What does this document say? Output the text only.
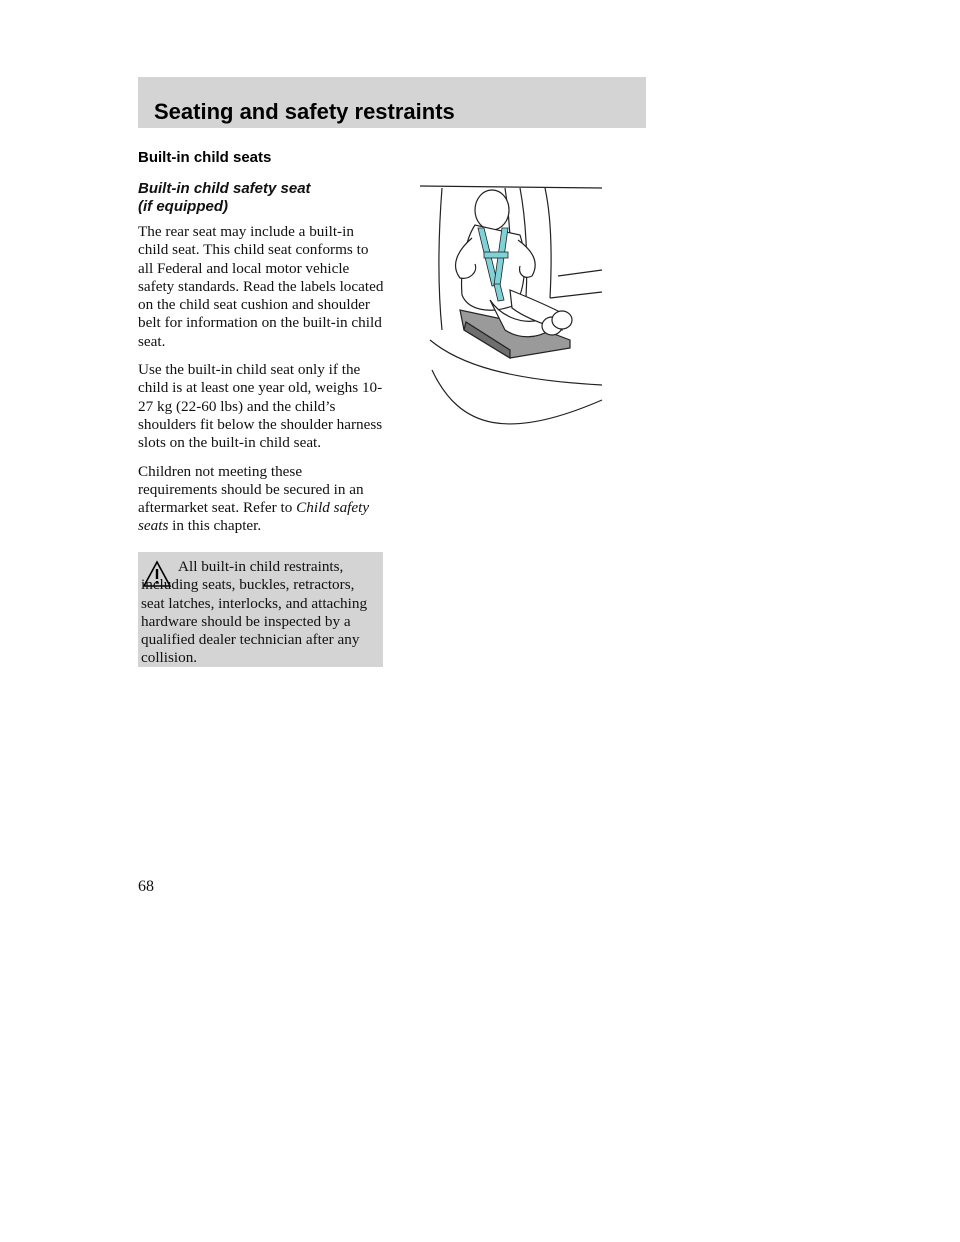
Seating and safety restraints
Built-in child seats
Built-in child safety seat
(if equipped)

The rear seat may include a built-in child seat. This child seat conforms to all Federal and local motor vehicle safety standards. Read the labels located on the child seat cushion and shoulder belt for information on the built-in child seat.

Use the built-in child seat only if the child is at least one year old, weighs 10-27 kg (22-60 lbs) and the child’s shoulders fit below the shoulder harness slots on the built-in child seat.

Children not meeting these requirements should be secured in an aftermarket seat. Refer to Child safety seats in this chapter.

All built-in child restraints, including seats, buckles, retractors, seat latches, interlocks, and attaching hardware should be inspected by a qualified dealer technician after any collision.
68
